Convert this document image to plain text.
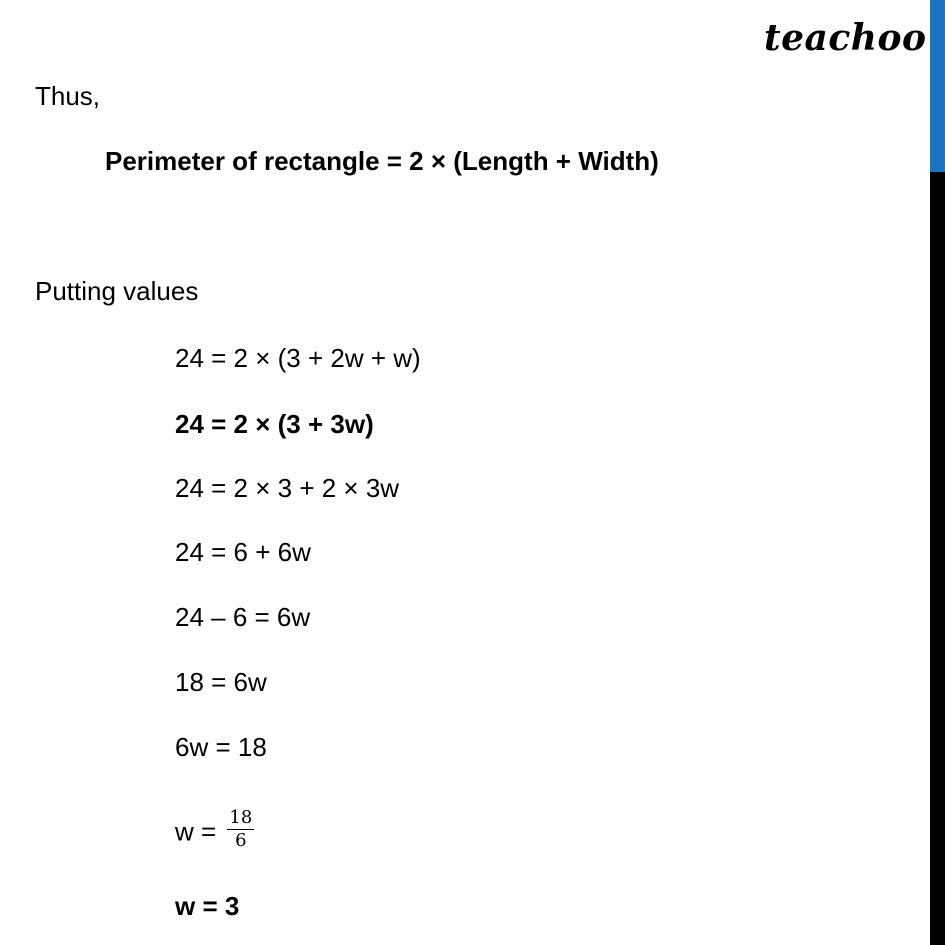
teachoo
Thus,
Perimeter of rectangle = 2 × (Length + Width)
Putting values
24 = 2 × (3 + 2w + w)
24 = 2 × (3 + 3w)
24 = 2 × 3 + 2 × 3w
24 = 6 + 6w
24 – 6 = 6w
18 = 6w
6w = 18
$w = \frac{18}{6}$
w = 3
